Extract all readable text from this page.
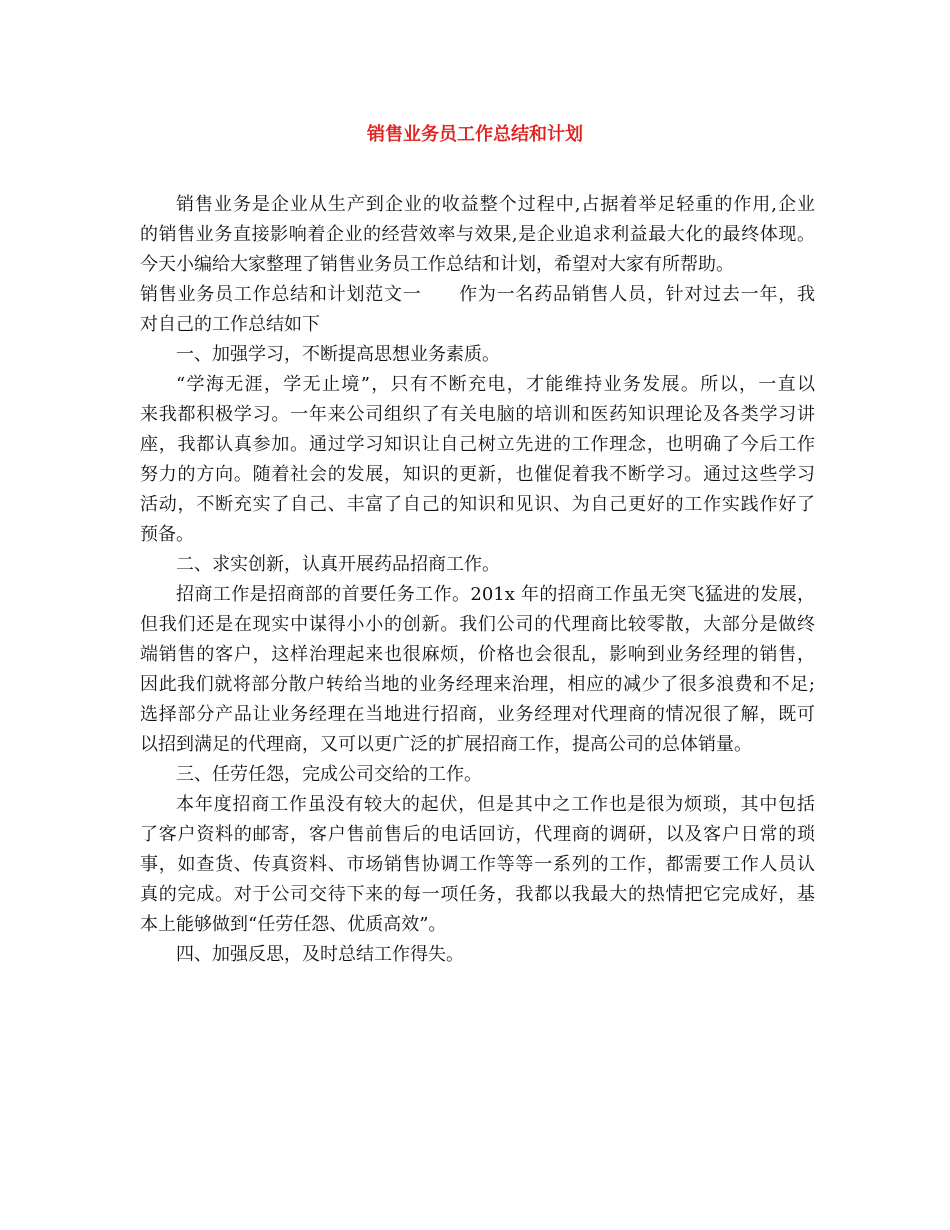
销售业务员工作总结和计划
销售业务是企业从生产到企业的收益整个过程中,占据着举足轻重的作用,企业
的销售业务直接影响着企业的经营效率与效果,是企业追求利益最大化的最终体现。
今天小编给大家整理了销售业务员工作总结和计划，希望对大家有所帮助。
销售业务员工作总结和计划范文一　　作为一名药品销售人员，针对过去一年，我
对自己的工作总结如下
一、加强学习，不断提高思想业务素质。
“学海无涯，学无止境”，只有不断充电，才能维持业务发展。所以，一直以
来我都积极学习。一年来公司组织了有关电脑的培训和医药知识理论及各类学习讲
座，我都认真参加。通过学习知识让自己树立先进的工作理念，也明确了今后工作
努力的方向。随着社会的发展，知识的更新，也催促着我不断学习。通过这些学习
活动，不断充实了自己、丰富了自己的知识和见识、为自己更好的工作实践作好了
预备。
二、求实创新，认真开展药品招商工作。
招商工作是招商部的首要任务工作。201x 年的招商工作虽无突飞猛进的发展，
但我们还是在现实中谋得小小的创新。我们公司的代理商比较零散，大部分是做终
端销售的客户，这样治理起来也很麻烦，价格也会很乱，影响到业务经理的销售，
因此我们就将部分散户转给当地的业务经理来治理，相应的减少了很多浪费和不足;
选择部分产品让业务经理在当地进行招商，业务经理对代理商的情况很了解，既可
以招到满足的代理商，又可以更广泛的扩展招商工作，提高公司的总体销量。
三、任劳任怨，完成公司交给的工作。
本年度招商工作虽没有较大的起伏，但是其中之工作也是很为烦琐，其中包括
了客户资料的邮寄，客户售前售后的电话回访，代理商的调研，以及客户日常的琐
事，如查货、传真资料、市场销售协调工作等等一系列的工作，都需要工作人员认
真的完成。对于公司交待下来的每一项任务，我都以我最大的热情把它完成好，基
本上能够做到“任劳任怨、优质高效”。
四、加强反思，及时总结工作得失。
